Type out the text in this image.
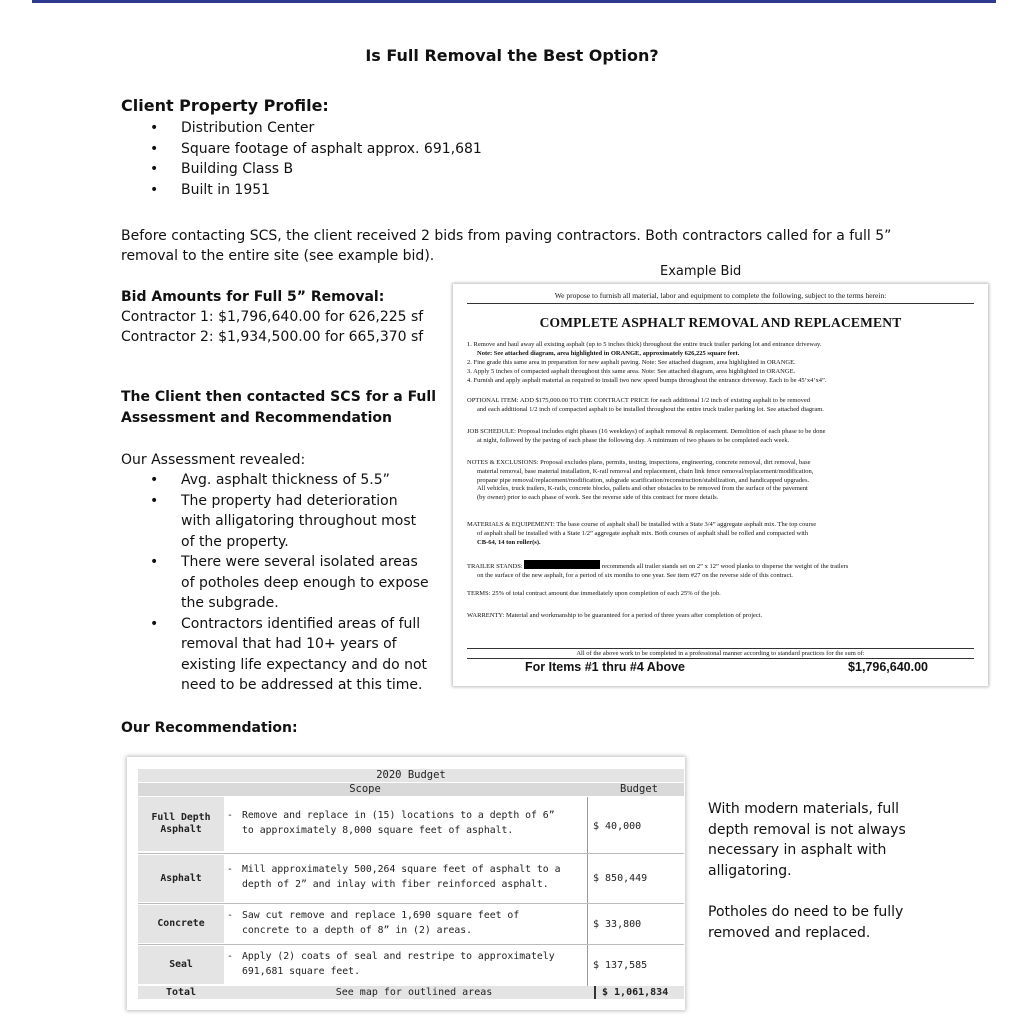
Is Full Removal the Best Option?
Client Property Profile:
• Distribution Center
• Square footage of asphalt approx. 691,681
• Building Class B
• Built in 1951
Before contacting SCS, the client received 2 bids from paving contractors. Both contractors called for a full 5”
removal to the entire site (see example bid).
Bid Amounts for Full 5” Removal:
Contractor 1: $1,796,640.00 for 626,225 sf
Contractor 2: $1,934,500.00 for 665,370 sf
The Client then contacted SCS for a Full
Assessment and Recommendation
Our Assessment revealed:
• Avg. asphalt thickness of 5.5”
• The property had deterioration
with alligatoring throughout most
of the property.
• There were several isolated areas
of potholes deep enough to expose
the subgrade.
• Contractors identified areas of full
removal that had 10+ years of
existing life expectancy and do not
need to be addressed at this time.
Our Recommendation:
Example Bid
We propose to furnish all material, labor and equipment to complete the following, subject to the terms herein:
COMPLETE ASPHALT REMOVAL AND REPLACEMENT
1. Remove and haul away all existing asphalt (up to 5 inches thick) throughout the entire truck trailer parking lot and entrance driveway.
Note: See attached diagram, area highlighted in ORANGE, approximately 626,225 square feet.
2. Fine grade this same area in preparation for new asphalt paving. Note: See attached diagram, area highlighted in ORANGE.
3. Apply 5 inches of compacted asphalt throughout this same area. Note: See attached diagram, area highlighted in ORANGE.
4. Furnish and apply asphalt material as required to install two new speed bumps throughout the entrance driveway. Each to be 45’x4’x4”.
OPTIONAL ITEM: ADD $175,000.00 TO THE CONTRACT PRICE for each additional 1/2 inch of existing asphalt to be removed
and each additional 1/2 inch of compacted asphalt to be installed throughout the entire truck trailer parking lot. See attached diagram.
JOB SCHEDULE: Proposal includes eight phases (16 weekdays) of asphalt removal & replacement. Demolition of each phase to be done
at night, followed by the paving of each phase the following day. A minimum of two phases to be completed each week.
NOTES & EXCLUSIONS: Proposal excludes plans, permits, testing, inspections, engineering, concrete removal, dirt removal, base
material removal, base material installation, K-rail removal and replacement, chain link fence removal/replacement/modification,
propane pipe removal/replacement/modification, subgrade scarification/reconstruction/stabilization, and handicapped upgrades.
All vehicles, truck trailers, K-rails, concrete blocks, pallets and other obstacles to be removed from the surface of the pavement
(by owner) prior to each phase of work. See the reverse side of this contract for more details.
MATERIALS & EQUIPEMENT: The base course of asphalt shall be installed with a State 3/4” aggregate asphalt mix. The top course
of asphalt shall be installed with a State 1/2” aggregate asphalt mix. Both courses of asphalt shall be rolled and compacted with
CB-64, 14 ton roller(s).
TRAILER STANDS:	recommends all trailer stands set on 2” x 12” wood planks to disperse the weight of the trailers
on the surface of the new asphalt, for a period of six months to one year. See item #27 on the reverse side of this contract.
TERMS: 25% of total contract amount due immediately upon completion of each 25% of the job.
WARRENTY: Material and workmanship to be guaranteed for a period of three years after completion of project.
All of the above work to be completed in a professional manner according to standard practices for the sum of:
For Items #1 thru #4 Above	$1,796,640.00
2020 Budget
Scope	Budget
Full Depth
Asphalt
- Remove and replace in (15) locations to a depth of 6”
to approximately 8,000 square feet of asphalt.	$ 40,000
Asphalt
- Mill approximately 500,264 square feet of asphalt to a
depth of 2” and inlay with fiber reinforced asphalt.	$ 850,449
Concrete
- Saw cut remove and replace 1,690 square feet of
concrete to a depth of 8” in (2) areas.	$ 33,800
Seal
- Apply (2) coats of seal and restripe to approximately
691,681 square feet.	$ 137,585
Total	See map for outlined areas	$ 1,061,834
With modern materials, full
depth removal is not always
necessary in asphalt with
alligatoring.
Potholes do need to be fully
removed and replaced.
